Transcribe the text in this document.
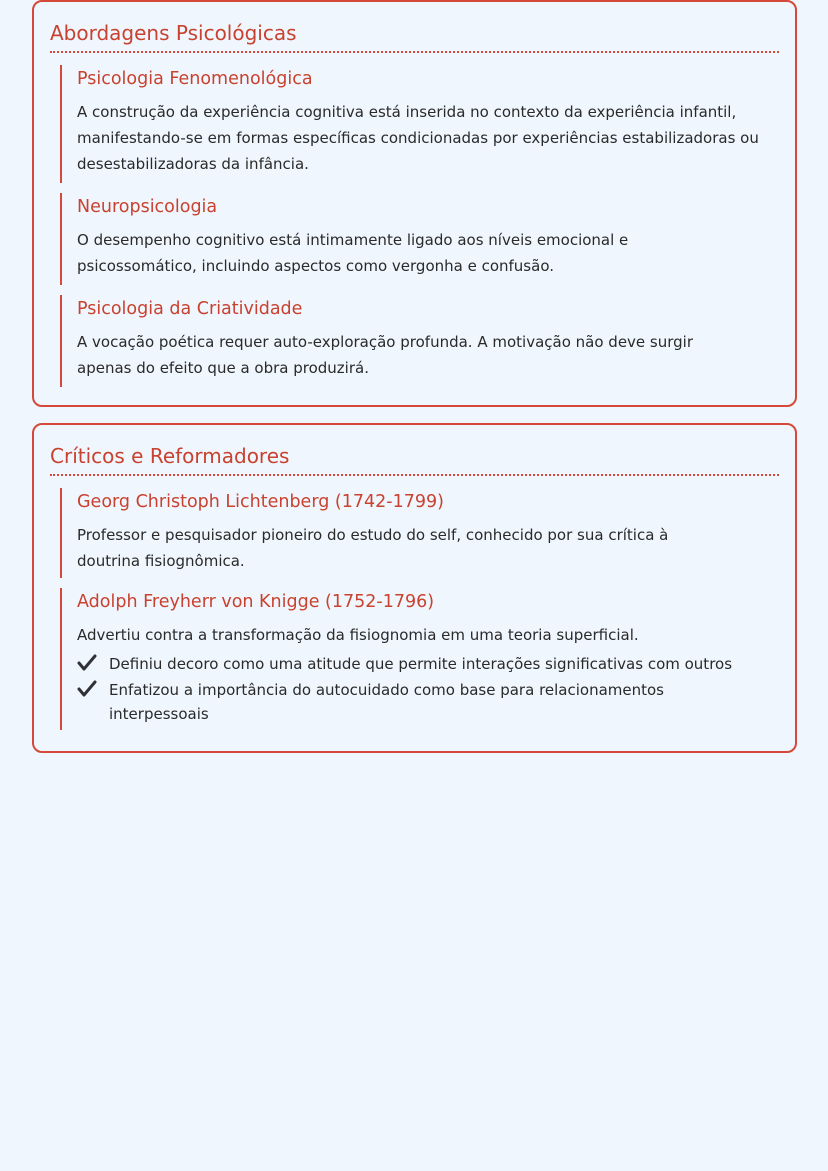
Abordagens Psicológicas
Psicologia Fenomenológica

A construção da experiência cognitiva está inserida no contexto da experiência infantil, manifestando-se em formas específicas condicionadas por experiências estabilizadoras ou desestabilizadoras da infância.

Neuropsicologia

O desempenho cognitivo está intimamente ligado aos níveis emocional e psicossomático, incluindo aspectos como vergonha e confusão.

Psicologia da Criatividade

A vocação poética requer auto-exploração profunda. A motivação não deve surgir apenas do efeito que a obra produzirá.

Críticos e Reformadores
Georg Christoph Lichtenberg (1742-1799)

Professor e pesquisador pioneiro do estudo do self, conhecido por sua crítica à doutrina fisiognômica.

Adolph Freyherr von Knigge (1752-1796)

Advertiu contra a transformação da fisiognomia em uma teoria superficial.

Definiu decoro como uma atitude que permite interações significativas com outros
Enfatizou a importância do autocuidado como base para relacionamentos interpessoais
